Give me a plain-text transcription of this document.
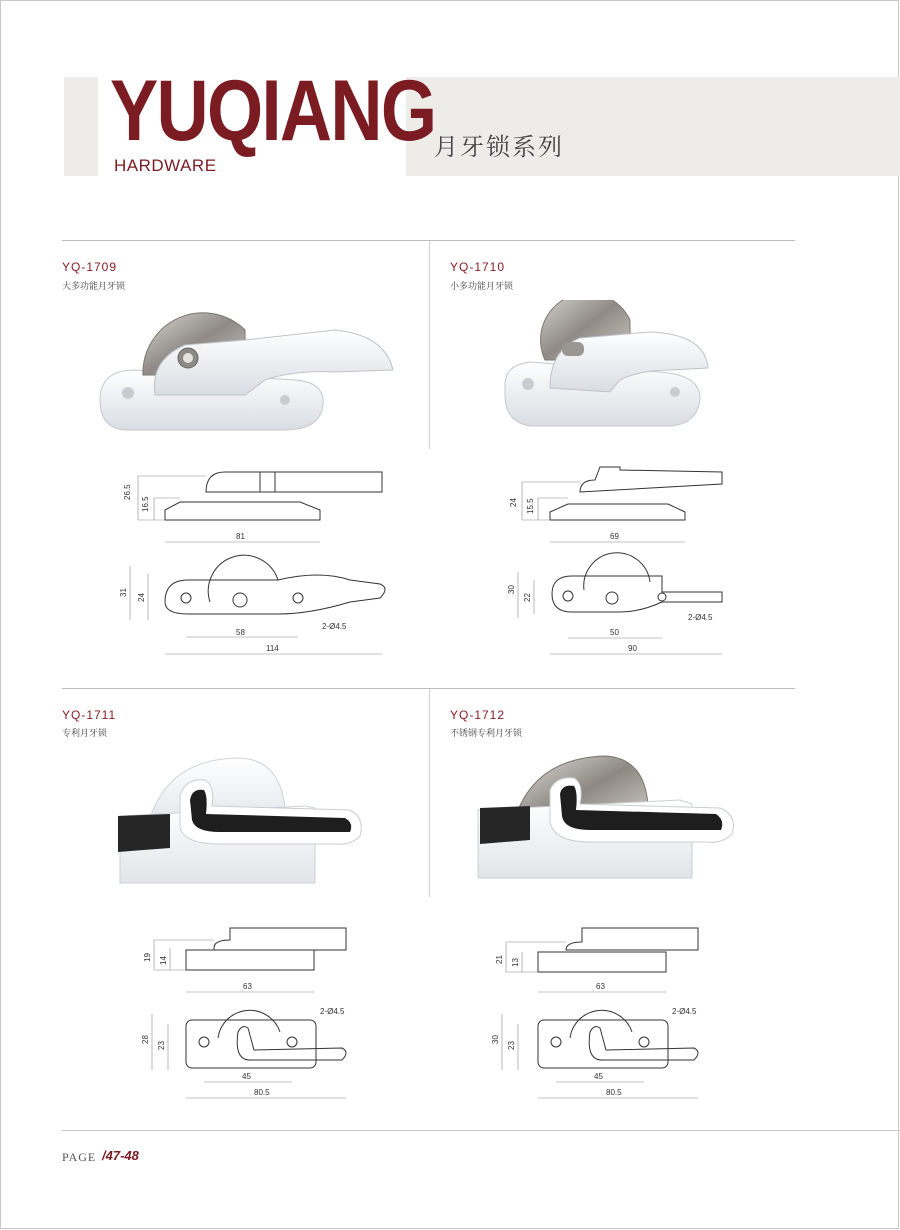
YUQIANG
HARDWARE
月牙锁系列
YQ-1709
大多功能月牙锁
26.5
16.5
81
31
24
2-Ø4.5
58
114
YQ-1710
小多功能月牙锁
24 15.5
69
30
22
2-Ø4.5
50
90
YQ-1711
专利月牙锁
19 14
63
28
23
2-Ø4.5
45
80.5
YQ-1712
不锈钢专利月牙锁
21 13
63
30
23
2-Ø4.5
45
80.5
PAGE /47-48
